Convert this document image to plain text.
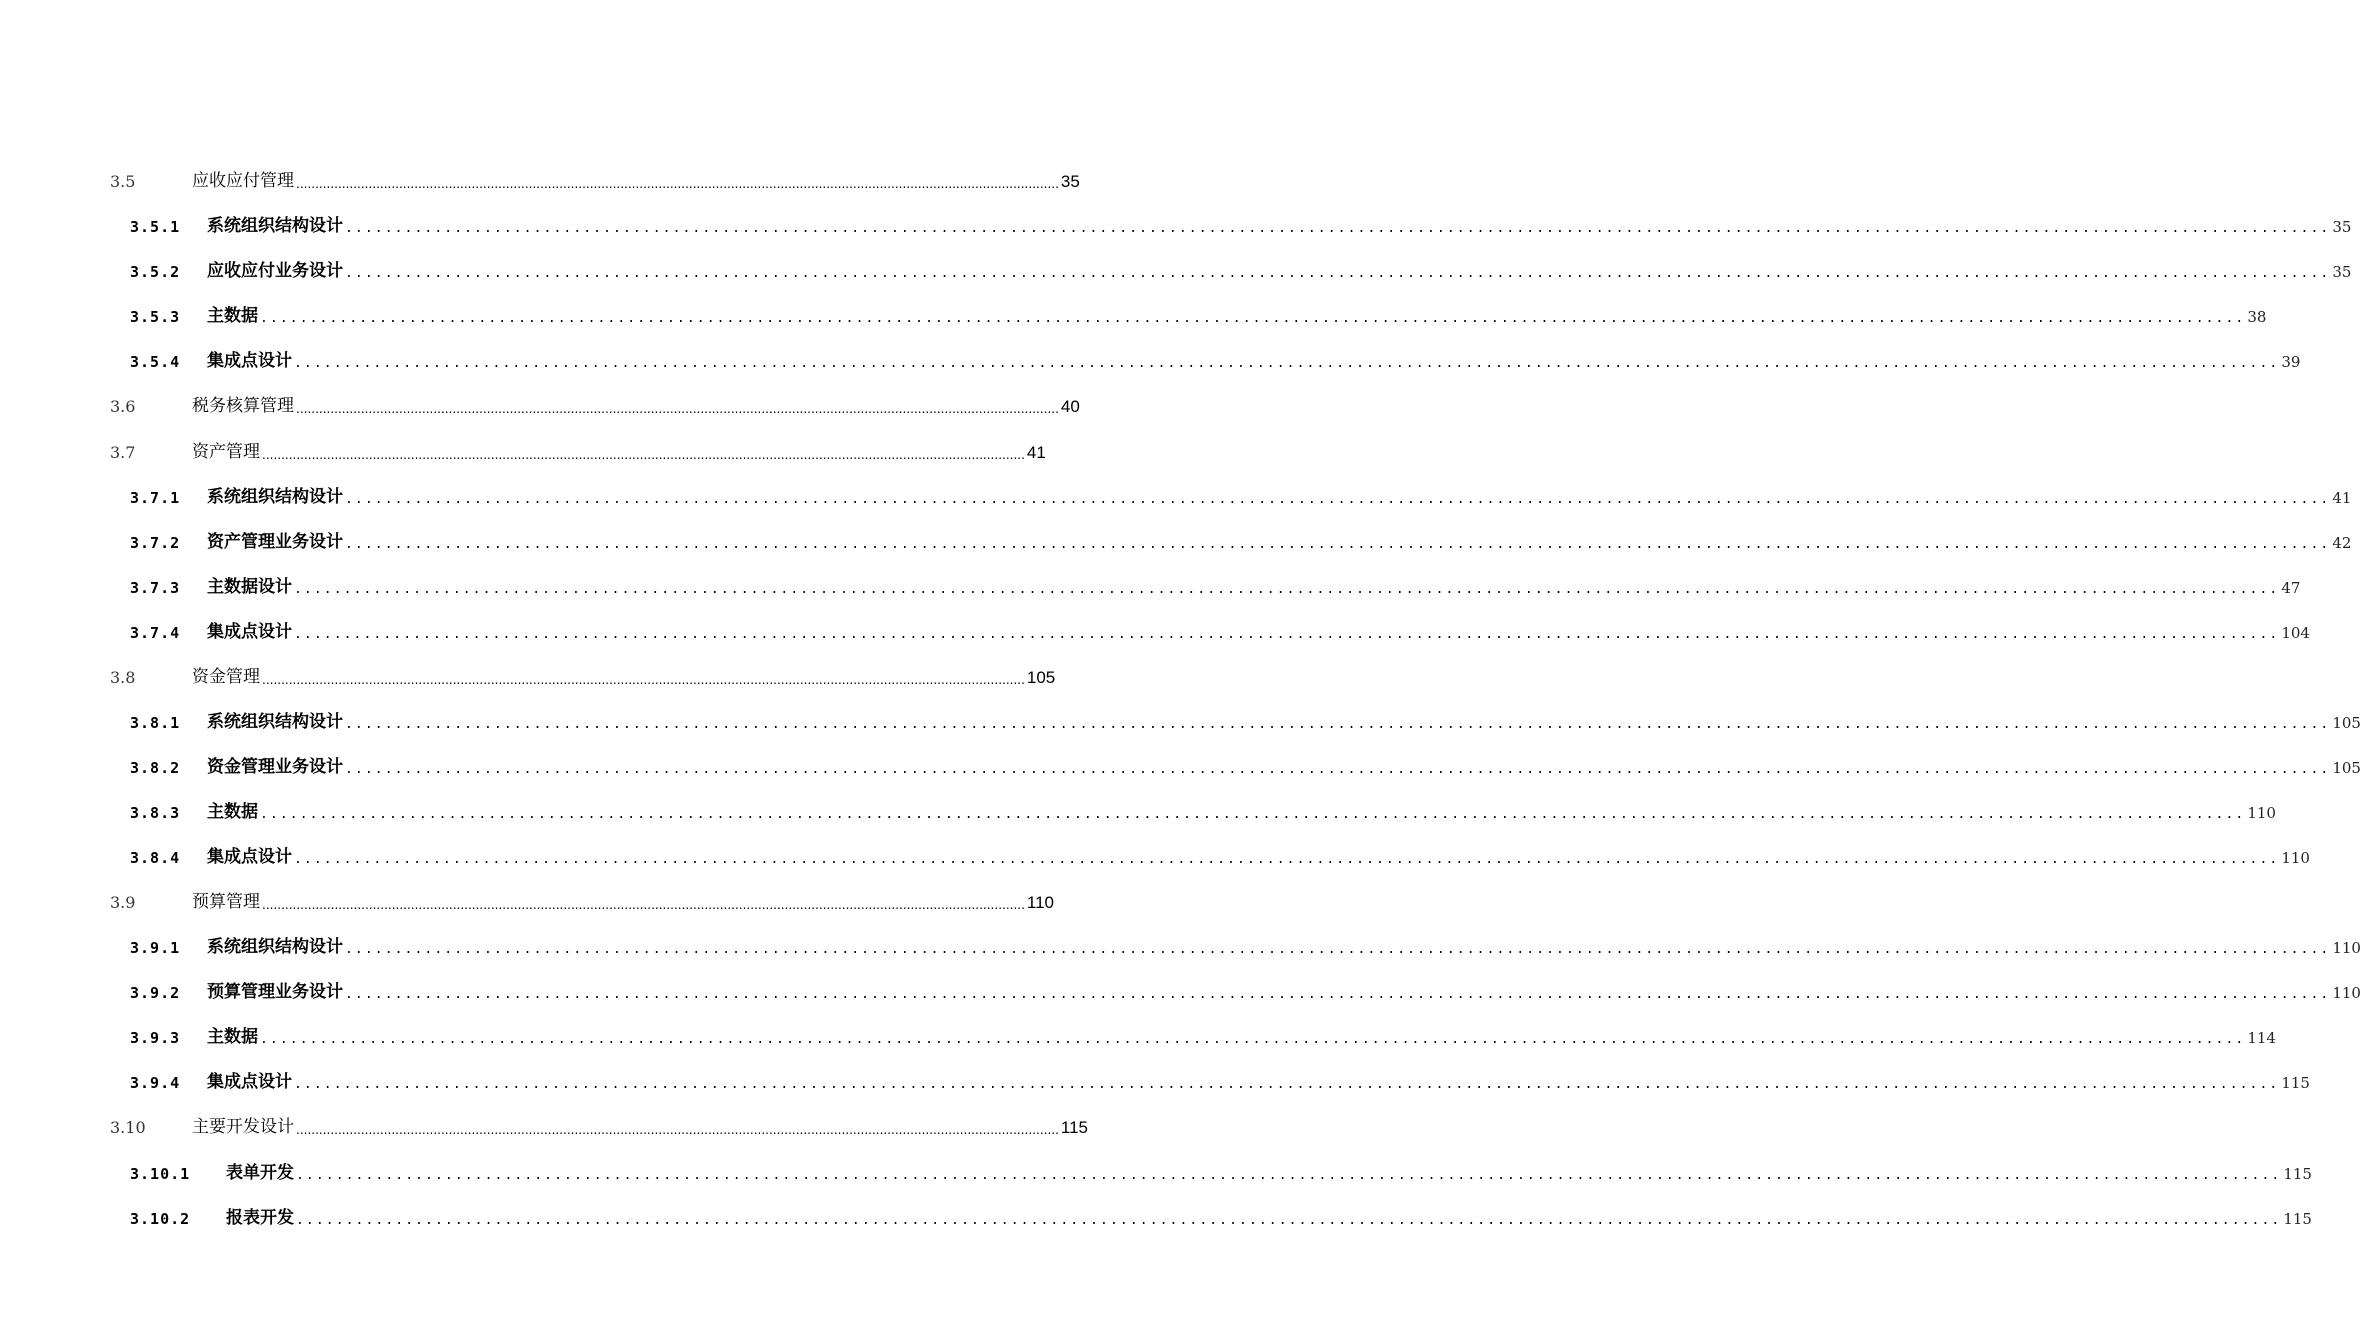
3.5	应收应付管理 ........................................................................................................................................................................................................ 35
3.5.1	系统组织结构设计 ........................................................................................................................................................................................................ 35
3.5.2	应收应付业务设计 ........................................................................................................................................................................................................ 35
3.5.3	主数据 ........................................................................................................................................................................................................ 38
3.5.4	集成点设计 ........................................................................................................................................................................................................ 39
3.6	税务核算管理 ........................................................................................................................................................................................................ 40
3.7	资产管理 ........................................................................................................................................................................................................ 41
3.7.1	系统组织结构设计 ........................................................................................................................................................................................................ 41
3.7.2	资产管理业务设计 ........................................................................................................................................................................................................ 42
3.7.3	主数据设计 ........................................................................................................................................................................................................ 47
3.7.4	集成点设计 ........................................................................................................................................................................................................ 104
3.8	资金管理 ........................................................................................................................................................................................................ 105
3.8.1	系统组织结构设计 ........................................................................................................................................................................................................ 105
3.8.2	资金管理业务设计 ........................................................................................................................................................................................................ 105
3.8.3	主数据 ........................................................................................................................................................................................................ 110
3.8.4	集成点设计 ........................................................................................................................................................................................................ 110
3.9	预算管理 ........................................................................................................................................................................................................ 110
3.9.1	系统组织结构设计 ........................................................................................................................................................................................................ 110
3.9.2	预算管理业务设计 ........................................................................................................................................................................................................ 110
3.9.3	主数据 ........................................................................................................................................................................................................ 114
3.9.4	集成点设计 ........................................................................................................................................................................................................ 115
3.10	主要开发设计 ........................................................................................................................................................................................................ 115
3.10.1	表单开发 ........................................................................................................................................................................................................ 115
3.10.2	报表开发 ........................................................................................................................................................................................................ 115
